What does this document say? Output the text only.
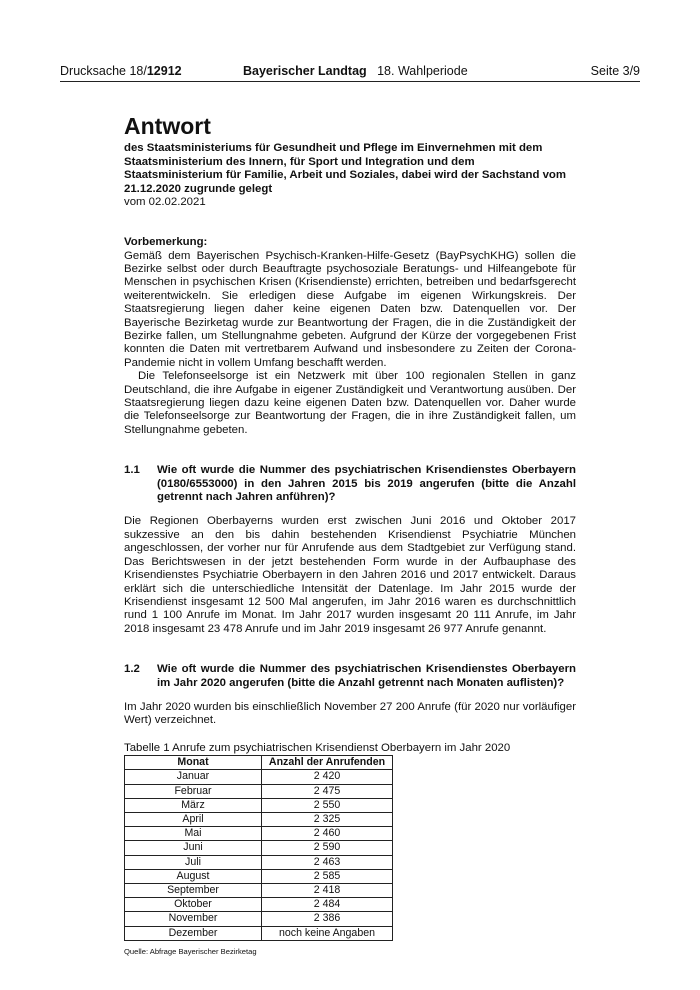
Drucksache 18/12912	Bayerischer Landtag 18. Wahlperiode	Seite 3/9
Antwort
des Staatsministeriums für Gesundheit und Pflege im Einvernehmen mit dem Staatsministerium des Innern, für Sport und Integration und dem Staatsministerium für Familie, Arbeit und Soziales, dabei wird der Sachstand vom 21.12.2020 zugrunde gelegt
vom 02.02.2021
Vorbemerkung:

Gemäß dem Bayerischen Psychisch-Kranken-Hilfe-Gesetz (BayPsychKHG) sollen die Bezirke selbst oder durch Beauftragte psychosoziale Beratungs- und Hilfeangebote für Menschen in psychischen Krisen (Krisendienste) errichten, betreiben und bedarfsgerecht weiterentwickeln. Sie erledigen diese Aufgabe im eigenen Wirkungskreis. Der Staatsregierung liegen daher keine eigenen Daten bzw. Datenquellen vor. Der Bayerische Bezirketag wurde zur Beantwortung der Fragen, die in die Zuständigkeit der Bezirke fallen, um Stellungnahme gebeten. Aufgrund der Kürze der vorgegebenen Frist konnten die Daten mit vertretbarem Aufwand und insbesondere zu Zeiten der Corona-Pandemie nicht in vollem Umfang beschafft werden.

Die Telefonseelsorge ist ein Netzwerk mit über 100 regionalen Stellen in ganz Deutschland, die ihre Aufgabe in eigener Zuständigkeit und Verantwortung ausüben. Der Staatsregierung liegen dazu keine eigenen Daten bzw. Datenquellen vor. Daher wurde die Telefonseelsorge zur Beantwortung der Fragen, die in ihre Zuständigkeit fallen, um Stellungnahme gebeten.

1.1 Wie oft wurde die Nummer des psychiatrischen Krisendienstes Oberbayern (0180/6553000) in den Jahren 2015 bis 2019 angerufen (bitte die Anzahl getrennt nach Jahren anführen)?

Die Regionen Oberbayerns wurden erst zwischen Juni 2016 und Oktober 2017 sukzessive an den bis dahin bestehenden Krisendienst Psychiatrie München angeschlossen, der vorher nur für Anrufende aus dem Stadtgebiet zur Verfügung stand. Das Berichtswesen in der jetzt bestehenden Form wurde in der Aufbauphase des Krisendienstes Psychiatrie Oberbayern in den Jahren 2016 und 2017 entwickelt. Daraus erklärt sich die unterschiedliche Intensität der Datenlage. Im Jahr 2015 wurde der Krisendienst insgesamt 12 500 Mal angerufen, im Jahr 2016 waren es durchschnittlich rund 1 100 Anrufe im Monat. Im Jahr 2017 wurden insgesamt 20 111 Anrufe, im Jahr 2018 insgesamt 23 478 Anrufe und im Jahr 2019 insgesamt 26 977 Anrufe genannt.

1.2 Wie oft wurde die Nummer des psychiatrischen Krisendienstes Oberbayern im Jahr 2020 angerufen (bitte die Anzahl getrennt nach Monaten auflisten)?

Im Jahr 2020 wurden bis einschließlich November 27 200 Anrufe (für 2020 nur vorläufiger Wert) verzeichnet.

Tabelle 1 Anrufe zum psychiatrischen Krisendienst Oberbayern im Jahr 2020
Monat	Anzahl der Anrufenden
Januar	2 420
Februar	2 475
März	2 550
April	2 325
Mai	2 460
Juni	2 590
Juli	2 463
August	2 585
September	2 418
Oktober	2 484
November	2 386
Dezember	noch keine Angaben
Quelle: Abfrage Bayerischer Bezirketag
